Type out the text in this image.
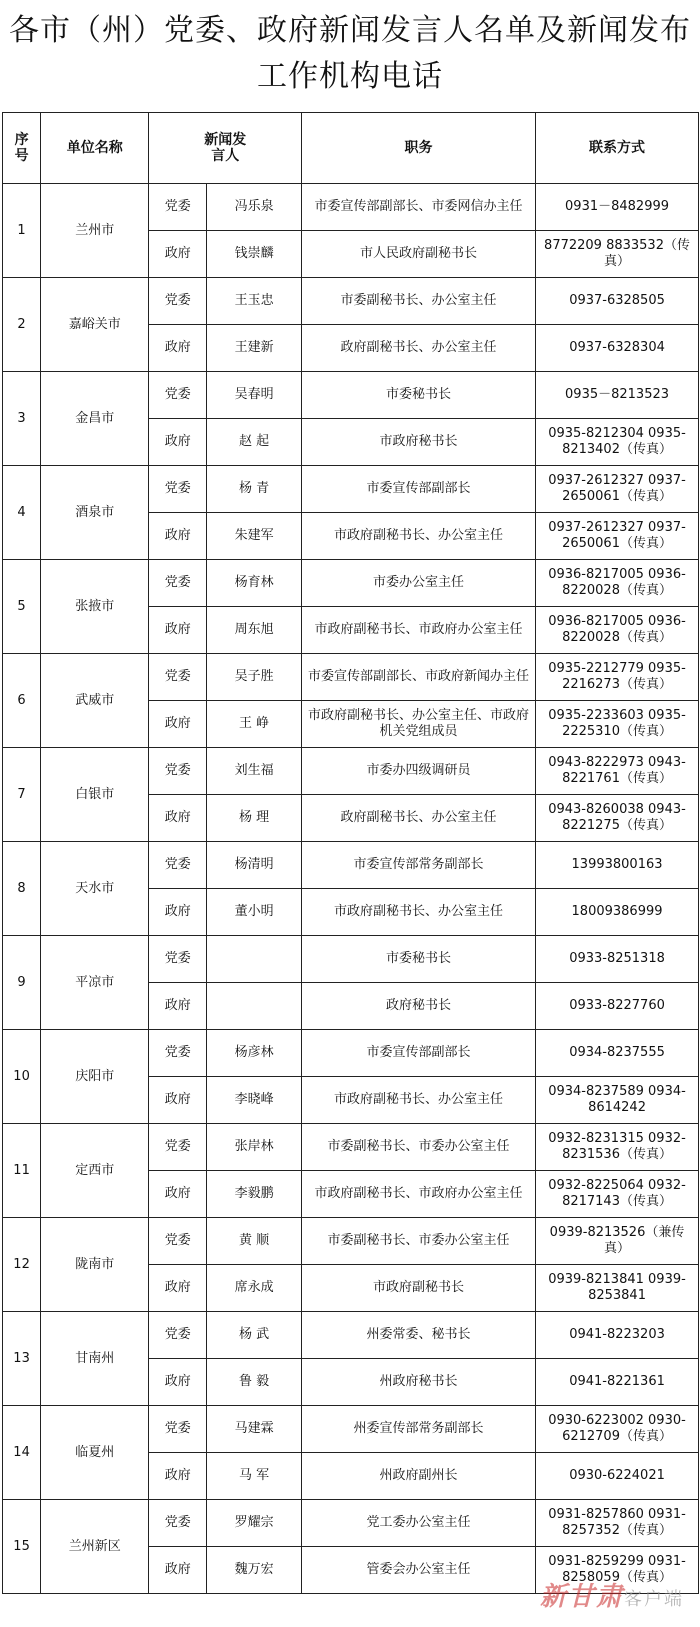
各市（州）党委、政府新闻发言人名单及新闻发布工作机构电话
序号	单位名称	新闻发言人		职务	联系方式
1	兰州市	党委	冯乐泉	市委宣传部副部长、市委网信办主任	0931－8482999
		政府	钱崇麟	市人民政府副秘书长	8772209 8833532（传真）
2	嘉峪关市	党委	王玉忠	市委副秘书长、办公室主任	0937-6328505
		政府	王建新	政府副秘书长、办公室主任	0937-6328304
3	金昌市	党委	吴春明	市委秘书长	0935－8213523
		政府	赵 起	市政府秘书长	0935-8212304 0935-8213402（传真）
4	酒泉市	党委	杨 青	市委宣传部副部长	0937-2612327 0937-2650061（传真）
		政府	朱建军	市政府副秘书长、办公室主任	0937-2612327 0937-2650061（传真）
5	张掖市	党委	杨育林	市委办公室主任	0936-8217005 0936-8220028（传真）
		政府	周东旭	市政府副秘书长、市政府办公室主任	0936-8217005 0936-8220028（传真）
6	武威市	党委	吴子胜	市委宣传部副部长、市政府新闻办主任	0935-2212779 0935-2216273（传真）
		政府	王 峥	市政府副秘书长、办公室主任、市政府机关党组成员	0935-2233603 0935-2225310（传真）
7	白银市	党委	刘生福	市委办四级调研员	0943-8222973 0943-8221761（传真）
		政府	杨 理	政府副秘书长、办公室主任	0943-8260038 0943-8221275（传真）
8	天水市	党委	杨清明	市委宣传部常务副部长	13993800163
		政府	董小明	市政府副秘书长、办公室主任	18009386999
9	平凉市	党委		市委秘书长	0933-8251318
		政府		政府秘书长	0933-8227760
10	庆阳市	党委	杨彦林	市委宣传部副部长	0934-8237555
		政府	李晓峰	市政府副秘书长、办公室主任	0934-8237589 0934-8614242
11	定西市	党委	张岸林	市委副秘书长、市委办公室主任	0932-8231315 0932-8231536（传真）
		政府	李毅鹏	市政府副秘书长、市政府办公室主任	0932-8225064 0932-8217143（传真）
12	陇南市	党委	黄 顺	市委副秘书长、市委办公室主任	0939-8213526（兼传真）
		政府	席永成	市政府副秘书长	0939-8213841 0939-8253841
13	甘南州	党委	杨 武	州委常委、秘书长	0941-8223203
		政府	鲁 毅	州政府秘书长	0941-8221361
14	临夏州	党委	马建霖	州委宣传部常务副部长	0930-6223002 0930-6212709（传真）
		政府	马 军	州政府副州长	0930-6224021
15	兰州新区	党委	罗耀宗	党工委办公室主任	0931-8257860 0931-8257352（传真）
		政府	魏万宏	管委会办公室主任	0931-8259299 0931-8258059（传真）
新甘肃客户端
